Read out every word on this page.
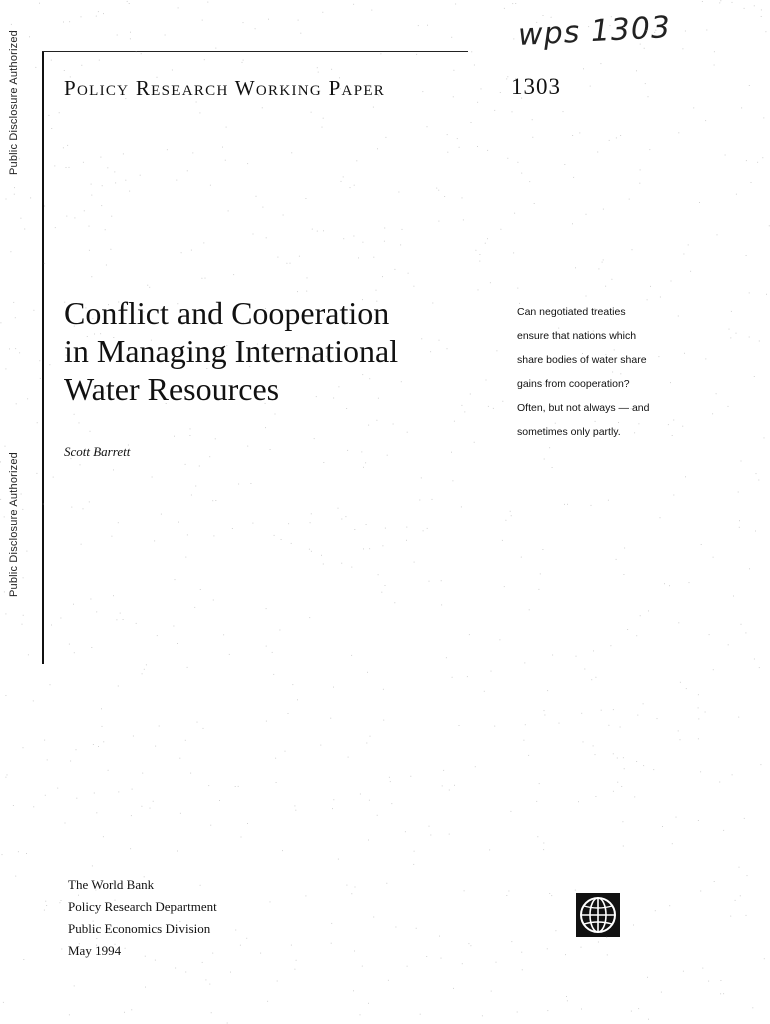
Public Disclosure Authorized
Public Disclosure Authorized
wps 1303
Policy Research Working Paper	1303
Conflict and Cooperation
in Managing International
Water Resources
Scott Barrett
Can negotiated treaties
ensure that nations which
share bodies of water share
gains from cooperation?
Often, but not always — and
sometimes only partly.
The World Bank
Policy Research Department
Public Economics Division
May 1994
